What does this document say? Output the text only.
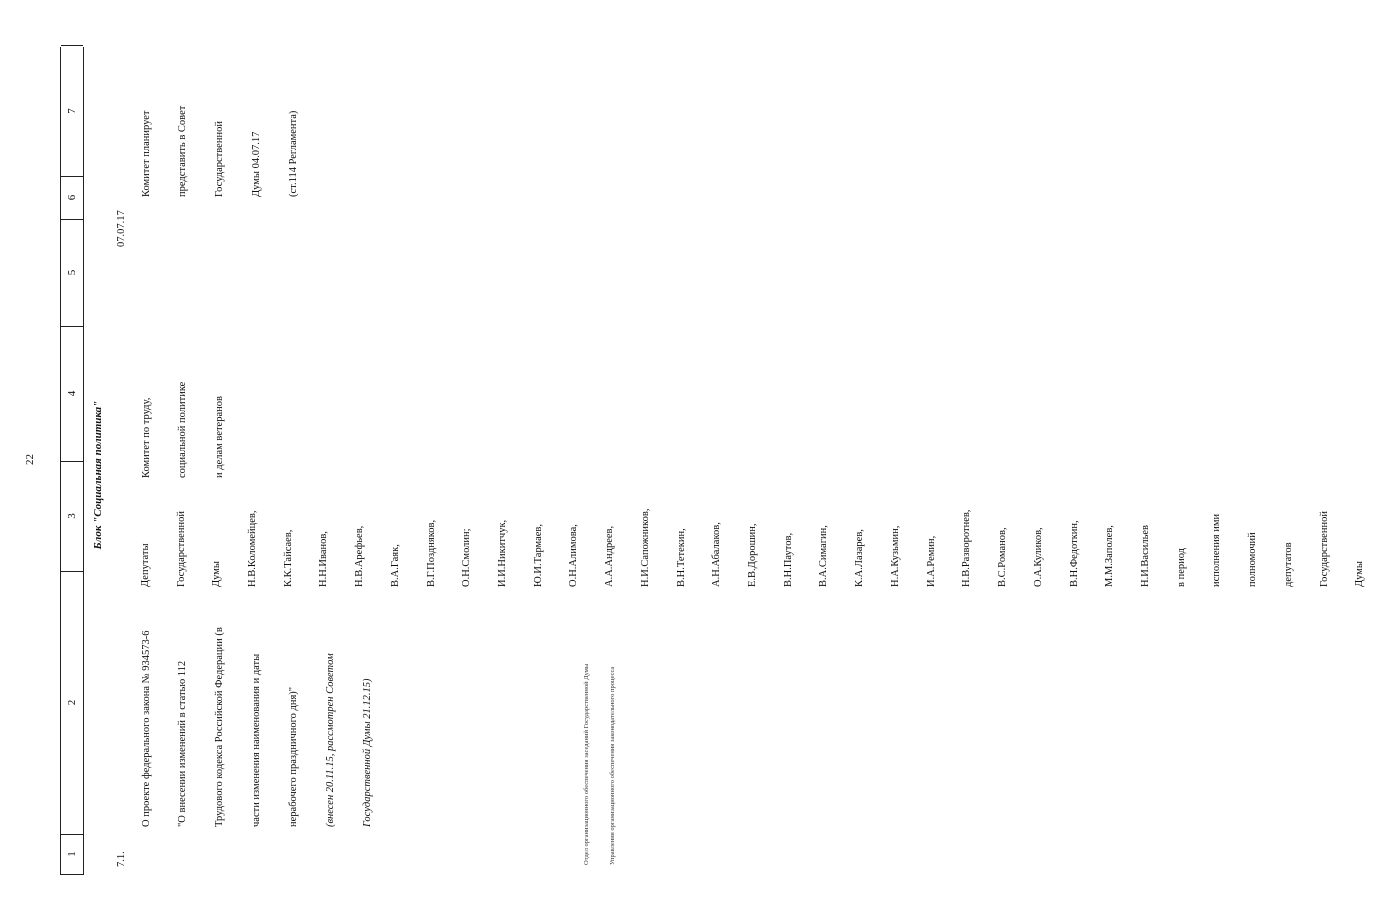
22
1
2
3
4
5
6
7
Блок "Социальная политика"
7.1.

О проекте федерального закона № 934573-6

"О внесении изменений в статью 112

Трудового кодекса Российской Федерации (в

части изменения наименования и даты

нерабочего праздничного дня)"

(внесен 20.11.15, рассмотрен Советом

Государственной Думы 21.12.15)

Депутаты

Государственной

Думы

Н.В.Коломейцев,

К.К.Тайсаев,

Н.Н.Иванов,

Н.В.Арефьев,

В.А.Гаяк,

В.Г.Поздняков,

О.Н.Смолин;

И.И.Никитчук,

Ю.И.Тармаев,

О.Н.Алимова,

А.А.Андреев,

Н.И.Сапожников,

В.Н.Тетекин,

А.Н.Абалаков,

Е.В.Дорошин,

В.Н.Паутов,

В.А.Симагин,

К.А.Лазарев,

Н.А.Кузьмин,

И.А.Ремин,

Н.В.Разворотнев,

В.С.Романов,

О.А.Куликов,

В.Н.Федоткин,

М.М.Заполев,

Н.И.Васильев

в период

исполнения ими

полномочий

депутатов

Государственной

Думы

Комитет по труду,

социальной политике

и делам ветеранов

07.07.17

Комитет планирует

представить в Совет

Государственной

Думы 04.07.17

(ст.114 Регламента)

Отдел организационного обеспечения заседаний Государственной Думы

	Управления организационного обеспечения законодательного процесса
